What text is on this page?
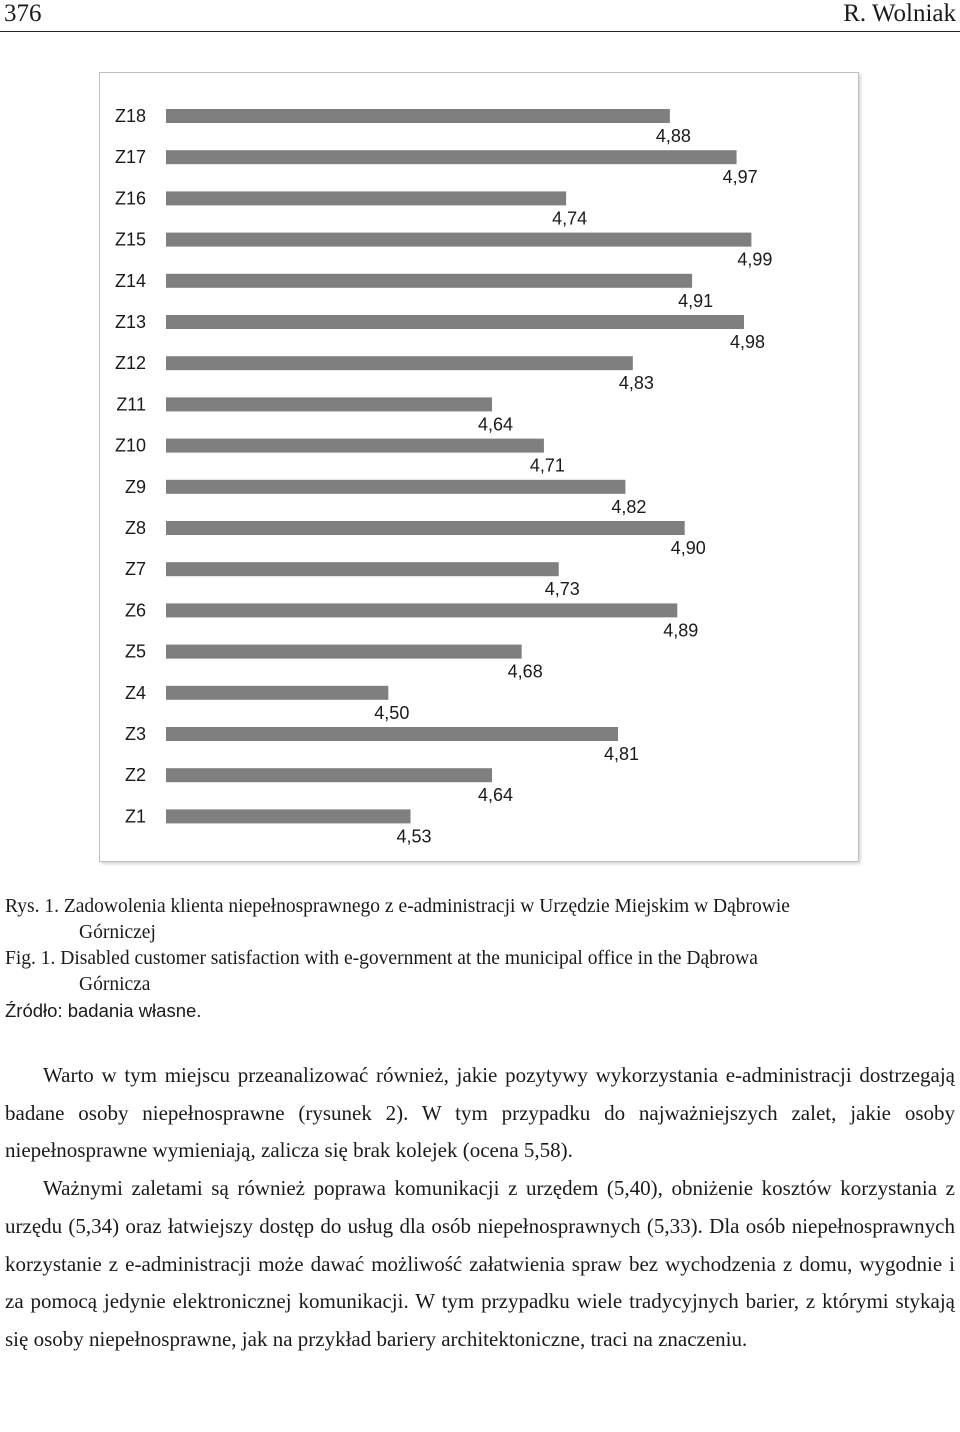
376	R. Wolniak
Z18
4,88
Z17
4,97
Z16
4,74
Z15
4,99
Z14
4,91
Z13
4,98
Z12
4,83
Z11
4,64
Z10
4,71
Z9
4,82
Z8
4,90
Z7
4,73
Z6
4,89
Z5
4,68
Z4
4,50
Z3
4,81
Z2
4,64
Z1
4,53
Rys. 1. Zadowolenia klienta niepełnosprawnego z e-administracji w Urzędzie Miejskim w Dąbrowie
Górniczej
Fig. 1. Disabled customer satisfaction with e-government at the municipal office in the Dąbrowa
Górnicza
Źródło: badania własne.

Warto w tym miejscu przeanalizować również, jakie pozytywy wykorzystania e-administracji dostrzegają badane osoby niepełnosprawne (rysunek 2). W tym przypadku do najważniejszych zalet, jakie osoby niepełnosprawne wymieniają, zalicza się brak kolejek (ocena 5,58).

Ważnymi zaletami są również poprawa komunikacji z urzędem (5,40), obniżenie kosztów korzystania z urzędu (5,34) oraz łatwiejszy dostęp do usług dla osób niepełnosprawnych (5,33). Dla osób niepełnosprawnych korzystanie z e-administracji może dawać możliwość załatwienia spraw bez wychodzenia z domu, wygodnie i za pomocą jedynie elektronicznej komunikacji. W tym przypadku wiele tradycyjnych barier, z którymi stykają się osoby niepełnosprawne, jak na przykład bariery architektoniczne, traci na znaczeniu.
